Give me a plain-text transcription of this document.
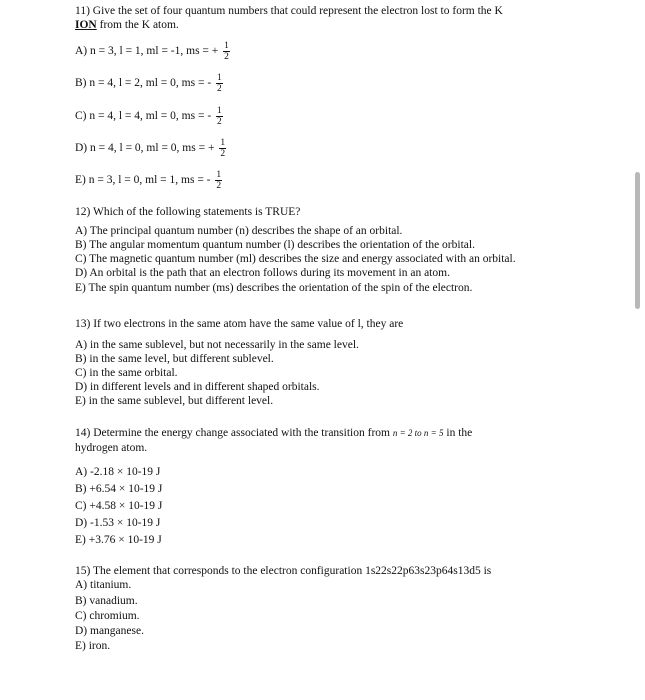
11) Give the set of four quantum numbers that could represent the electron lost to form the K
ION from the K atom.
A) n = 3, l = 1, ml = -1, ms = + $\frac{1}{2}$
B) n = 4, l = 2, ml = 0, ms = - $\frac{1}{2}$
C) n = 4, l = 4, ml = 0, ms = - $\frac{1}{2}$
D) n = 4, l = 0, ml = 0, ms = + $\frac{1}{2}$
E) n = 3, l = 0, ml = 1, ms = - $\frac{1}{2}$
12) Which of the following statements is TRUE?
A) The principal quantum number (n) describes the shape of an orbital.
B) The angular momentum quantum number (l) describes the orientation of the orbital.
C) The magnetic quantum number (ml) describes the size and energy associated with an orbital.
D) An orbital is the path that an electron follows during its movement in an atom.
E) The spin quantum number (ms) describes the orientation of the spin of the electron.
13) If two electrons in the same atom have the same value of l, they are
A) in the same sublevel, but not necessarily in the same level.
B) in the same level, but different sublevel.
C) in the same orbital.
D) in different levels and in different shaped orbitals.
E) in the same sublevel, but different level.
14) Determine the energy change associated with the transition from n = 2 to n = 5 in the
hydrogen atom.
A) -2.18 × 10-19 J
B) +6.54 × 10-19 J
C) +4.58 × 10-19 J
D) -1.53 × 10-19 J
E) +3.76 × 10-19 J
15) The element that corresponds to the electron configuration 1s22s22p63s23p64s13d5 is
A) titanium.
B) vanadium.
C) chromium.
D) manganese.
E) iron.
